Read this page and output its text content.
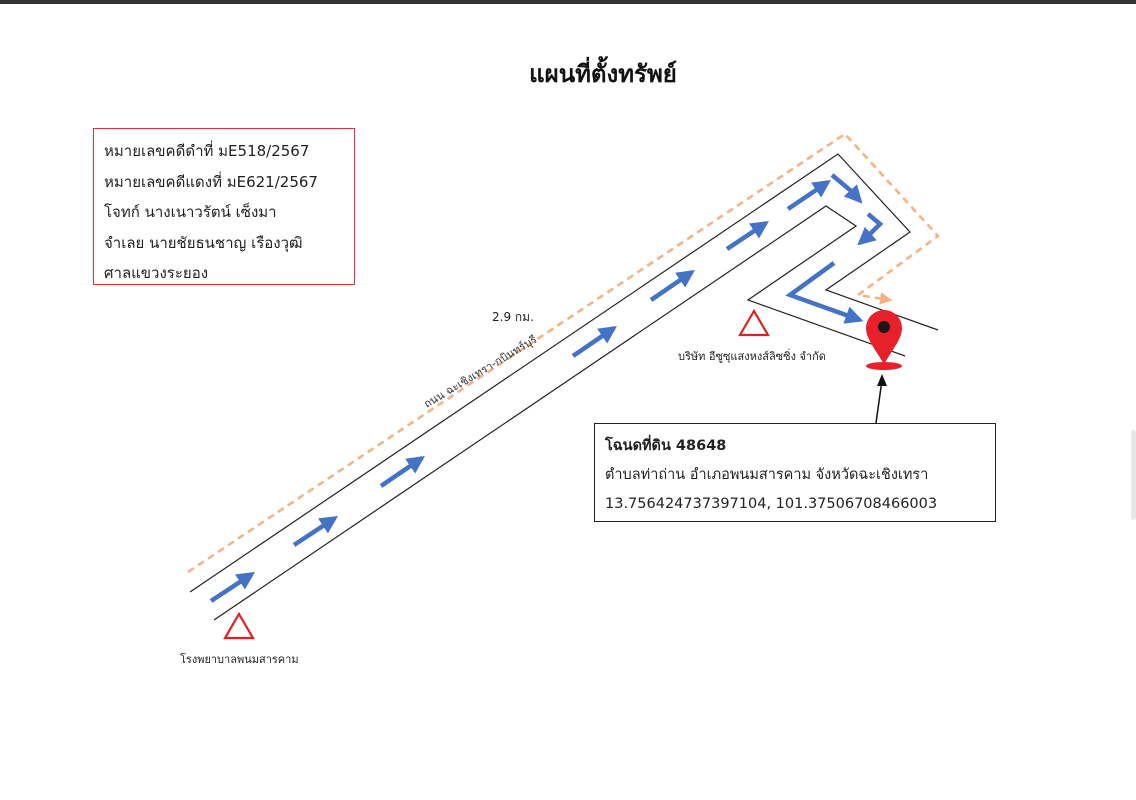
แผนที่ตั้งทรัพย์
หมายเลขคดีดำที่ มE518/2567
หมายเลขคดีแดงที่ มE621/2567
โจทก์ นางเนาวรัตน์ เซ็งมา
จำเลย นายชัยธนชาญ เรืองวุฒิ
ศาลแขวงระยอง
2.9 กม.
ถนน ฉะเชิงเทรา-กบินทร์บุรี	บริษัท อีซูซุแสงหงส์ลิซซิ่ง จำกัด
โรงพยาบาลพนมสารคาม
โฉนดที่ดิน 48648
ตำบลท่าถ่าน อำเภอพนมสารคาม จังหวัดฉะเชิงเทรา
13.756424737397104, 101.37506708466003
